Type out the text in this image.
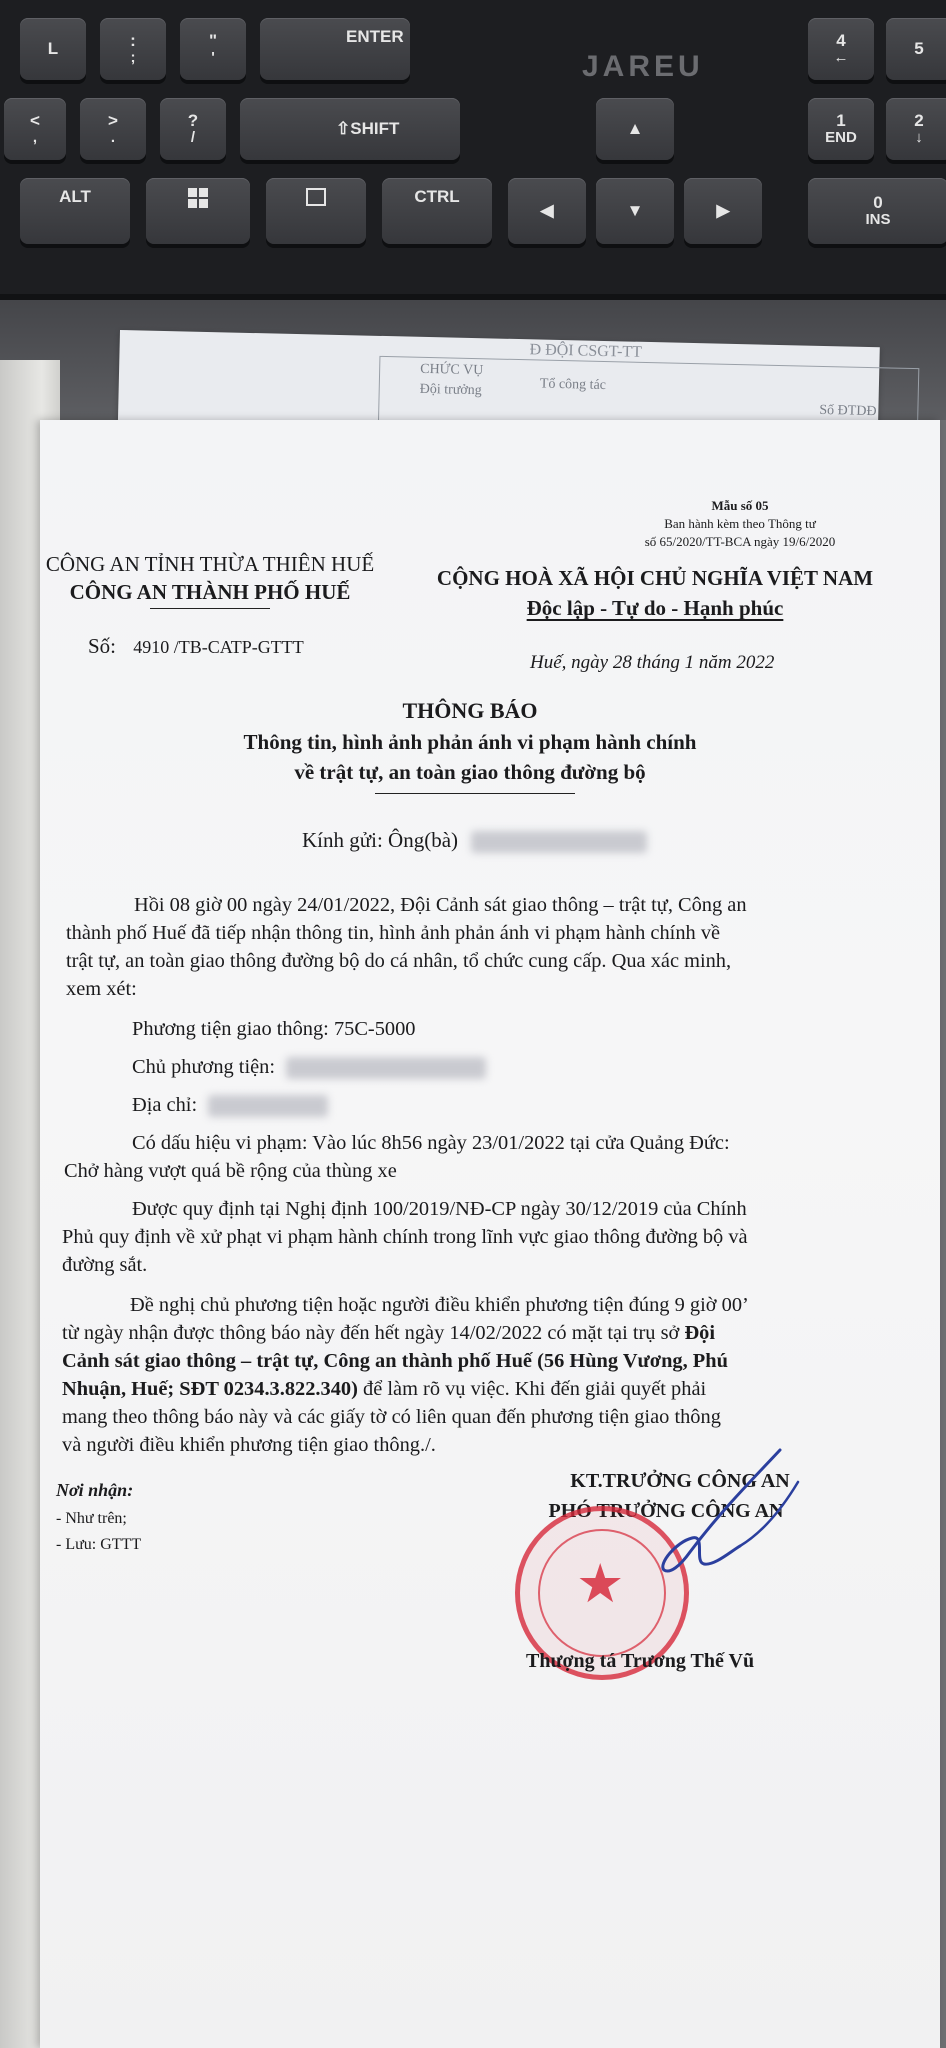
JAREU
L	:
;
"
'
ENTER	4
←	5
<
,
>
.
?
/	⇧SHIFT	▲	1
END
2
↓
ALT	CTRL
◀	▼	▶	0
INS
Đ ĐỘI CSGT-TT
CHỨC VỤ
Đội trưởng	Tổ công tác
Số ĐTDĐ
Mẫu số 05
Ban hành kèm theo Thông tư
số 65/2020/TT-BCA ngày 19/6/2020
CÔNG AN TỈNH THỪA THIÊN HUẾ
CÔNG AN THÀNH PHỐ HUẾ
CỘNG HOÀ XÃ HỘI CHỦ NGHĨA VIỆT NAM
Độc lập - Tự do - Hạnh phúc
Số: 4910 /TB-CATP-GTTT
Huế, ngày 28 tháng 1 năm 2022
THÔNG BÁO
Thông tin, hình ảnh phản ánh vi phạm hành chính
về trật tự, an toàn giao thông đường bộ
Kính gửi: Ông(bà)
Hồi 08 giờ 00 ngày 24/01/2022, Đội Cảnh sát giao thông – trật tự, Công an
thành phố Huế đã tiếp nhận thông tin, hình ảnh phản ánh vi phạm hành chính về
trật tự, an toàn giao thông đường bộ do cá nhân, tổ chức cung cấp. Qua xác minh,
xem xét:
Phương tiện giao thông: 75C-5000
Chủ phương tiện:
Địa chỉ:
Có dấu hiệu vi phạm: Vào lúc 8h56 ngày 23/01/2022 tại cửa Quảng Đức:
Chở hàng vượt quá bề rộng của thùng xe
Được quy định tại Nghị định 100/2019/NĐ-CP ngày 30/12/2019 của Chính
Phủ quy định về xử phạt vi phạm hành chính trong lĩnh vực giao thông đường bộ và
đường sắt.
Đề nghị chủ phương tiện hoặc người điều khiển phương tiện đúng 9 giờ 00’
từ ngày nhận được thông báo này đến hết ngày 14/02/2022 có mặt tại trụ sở Đội
Cảnh sát giao thông – trật tự, Công an thành phố Huế (56 Hùng Vương, Phú
Nhuận, Huế; SĐT 0234.3.822.340) để làm rõ vụ việc. Khi đến giải quyết phải
mang theo thông báo này và các giấy tờ có liên quan đến phương tiện giao thông
và người điều khiển phương tiện giao thông./.
Nơi nhận:
- Như trên;
- Lưu: GTTT
KT.TRƯỞNG CÔNG AN
PHÓ TRƯỞNG CÔNG AN
★
Thượng tá Trương Thế Vũ
